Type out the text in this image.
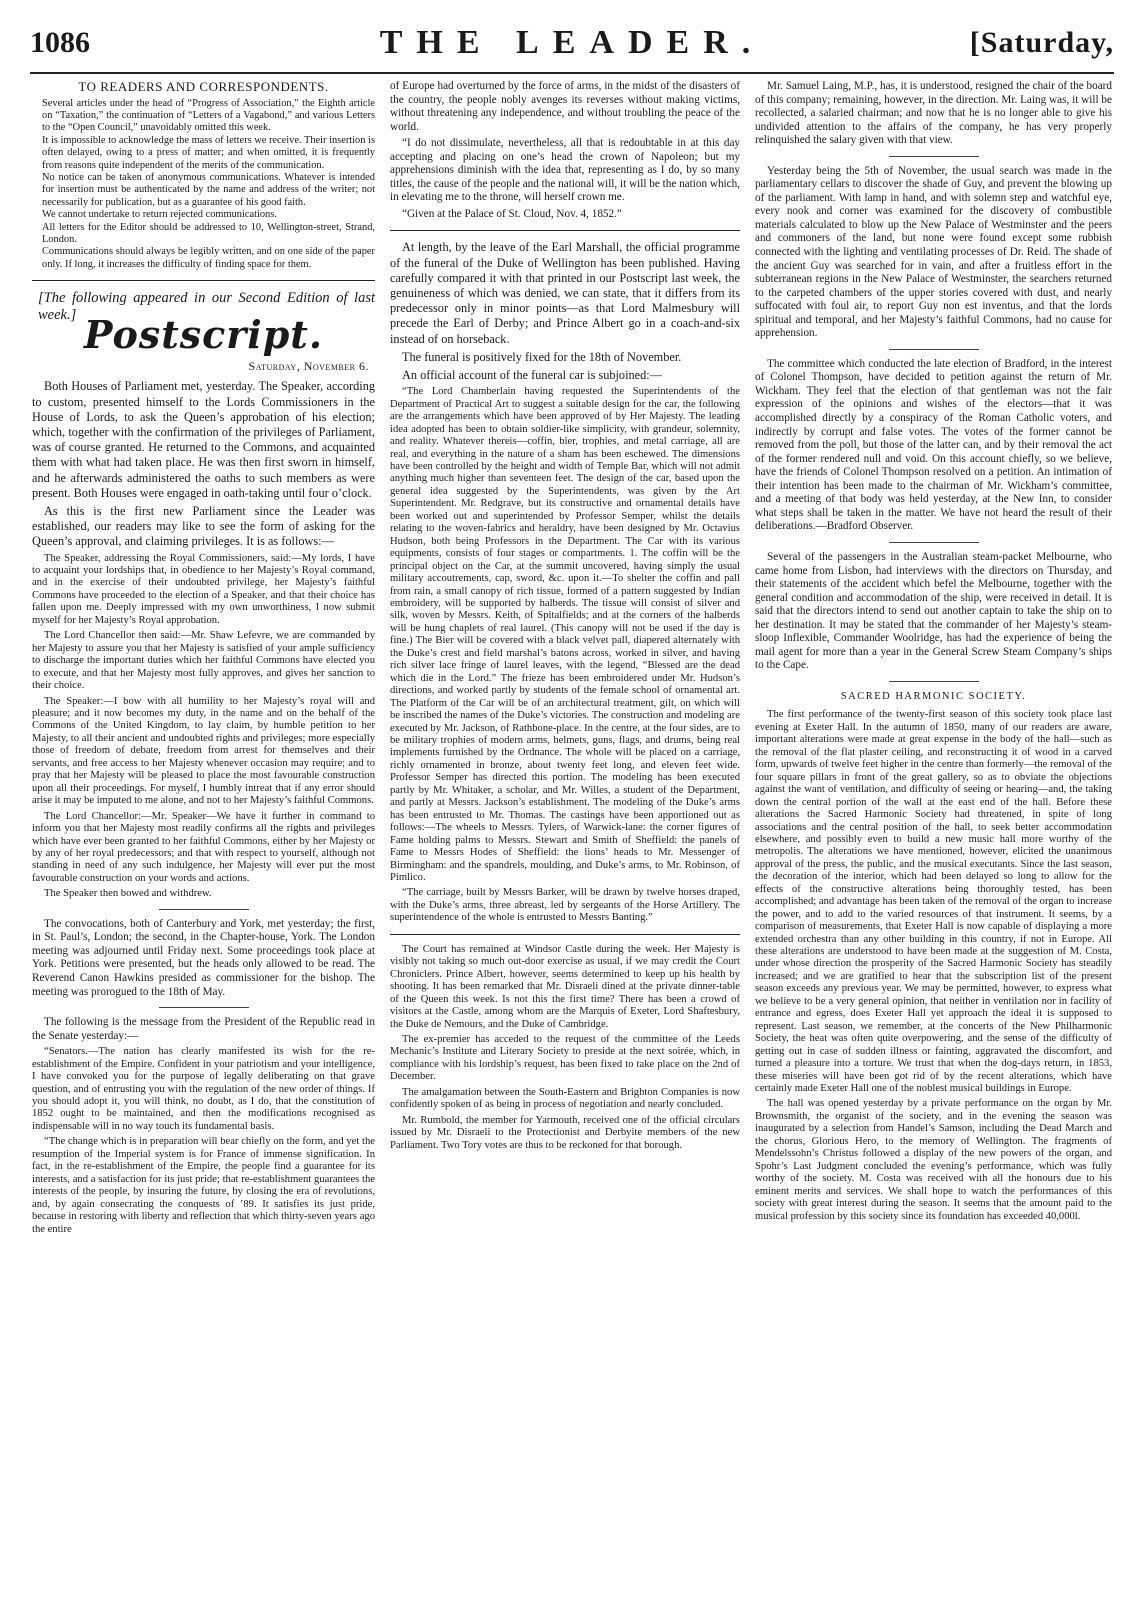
1086	THE LEADER.	[Saturday,
TO READERS AND CORRESPONDENTS.

Several articles under the head of “Progress of Association,” the Eighth article on “Taxation,” the continuation of “Letters of a Vagabond,” and various Letters to the “Open Council,” unavoidably omitted this week.

It is impossible to acknowledge the mass of letters we receive. Their insertion is often delayed, owing to a press of matter; and when omitted, it is frequently from reasons quite independent of the merits of the communication.

No notice can be taken of anonymous communications. Whatever is intended for insertion must be authenticated by the name and address of the writer; not necessarily for publication, but as a guarantee of his good faith.

We cannot undertake to return rejected communications.

All letters for the Editor should be addressed to 10, Wellington-street, Strand, London.

Communications should always be legibly written, and on one side of the paper only. If long, it increases the difficulty of finding space for them.

[The following appeared in our Second Edition of last week.] Postscript.
Saturday, November 6.

Both Houses of Parliament met, yesterday. The Speaker, according to custom, presented himself to the Lords Commissioners in the House of Lords, to ask the Queen’s approbation of his election; which, together with the confirmation of the privileges of Parliament, was of course granted. He returned to the Commons, and acquainted them with what had taken place. He was then first sworn in himself, and he afterwards administered the oaths to such members as were present. Both Houses were engaged in oath-taking until four o’clock.

As this is the first new Parliament since the Leader was established, our readers may like to see the form of asking for the Queen’s approval, and claiming privileges. It is as follows:—

The Speaker, addressing the Royal Commissioners, said:—My lords, I have to acquaint your lordships that, in obedience to her Majesty’s Royal command, and in the exercise of their undoubted privilege, her Majesty’s faithful Commons have proceeded to the election of a Speaker, and that their choice has fallen upon me. Deeply impressed with my own unworthiness, I now submit myself for her Majesty’s Royal approbation.

The Lord Chancellor then said:—Mr. Shaw Lefevre, we are commanded by her Majesty to assure you that her Majesty is satisfied of your ample sufficiency to discharge the important duties which her faithful Commons have elected you to execute, and that her Majesty most fully approves, and gives her sanction to their choice.

The Speaker:—I bow with all humility to her Majesty’s royal will and pleasure; and it now becomes my duty, in the name and on the behalf of the Commons of the United Kingdom, to lay claim, by humble petition to her Majesty, to all their ancient and undoubted rights and privileges; more especially those of freedom of debate, freedom from arrest for themselves and their servants, and free access to her Majesty whenever occasion may require; and to pray that her Majesty will be pleased to place the most favourable construction upon all their proceedings. For myself, I humbly intreat that if any error should arise it may be imputed to me alone, and not to her Majesty’s faithful Commons.

The Lord Chancellor:—Mr. Speaker—We have it further in command to inform you that her Majesty most readily confirms all the rights and privileges which have ever been granted to her faithful Commons, either by her Majesty or by any of her royal predecessors; and that with respect to yourself, although not standing in need of any such indulgence, her Majesty will ever put the most favourable construction on your words and actions.

The Speaker then bowed and withdrew.

The convocations, both of Canterbury and York, met yesterday; the first, in St. Paul’s, London; the second, in the Chapter-house, York. The London meeting was adjourned until Friday next. Some proceedings took place at York. Petitions were presented, but the heads only allowed to be read. The Reverend Canon Hawkins presided as commissioner for the bishop. The meeting was prorogued to the 18th of May.

The following is the message from the President of the Republic read in the Senate yesterday:—

“Senators.—The nation has clearly manifested its wish for the re-establishment of the Empire. Confident in your patriotism and your intelligence, I have convoked you for the purpose of legally deliberating on that grave question, and of entrusting you with the regulation of the new order of things. If you should adopt it, you will think, no doubt, as I do, that the constitution of 1852 ought to be maintained, and then the modifications recognised as indispensable will in no way touch its fundamental basis.

“The change which is in preparation will bear chiefly on the form, and yet the resumption of the Imperial system is for France of immense signification. In fact, in the re-establishment of the Empire, the people find a guarantee for its interests, and a satisfaction for its just pride; that re-establishment guarantees the interests of the people, by insuring the future, by closing the era of revolutions, and, by again consecrating the conquests of ’89. It satisfies its just pride, because in restoring with liberty and reflection that which thirty-seven years ago the entire

of Europe had overturned by the force of arms, in the midst of the disasters of the country, the people nobly avenges its reverses without making victims, without threatening any independence, and without troubling the peace of the world.

“I do not dissimulate, nevertheless, all that is redoubtable in at this day accepting and placing on one’s head the crown of Napoleon; but my apprehensions diminish with the idea that, representing as I do, by so many titles, the cause of the people and the national will, it will be the nation which, in elevating me to the throne, will herself crown me.

“Given at the Palace of St. Cloud, Nov. 4, 1852.”

At length, by the leave of the Earl Marshall, the official programme of the funeral of the Duke of Wellington has been published. Having carefully compared it with that printed in our Postscript last week, the genuineness of which was denied, we can state, that it differs from its predecessor only in minor points—as that Lord Malmesbury will precede the Earl of Derby; and Prince Albert go in a coach-and-six instead of on horseback.

The funeral is positively fixed for the 18th of November.

An official account of the funeral car is subjoined:—

“The Lord Chamberlain having requested the Superintendents of the Department of Practical Art to suggest a suitable design for the car, the following are the arrangements which have been approved of by Her Majesty. The leading idea adopted has been to obtain soldier-like simplicity, with grandeur, solemnity, and reality. Whatever thereis—coffin, bier, trophies, and metal carriage, all are real, and everything in the nature of a sham has been eschewed. The dimensions have been controlled by the height and width of Temple Bar, which will not admit anything much higher than seventeen feet. The design of the car, based upon the general idea suggested by the Superintendents, was given by the Art Superintendent. Mr. Redgrave, but its constructive and ornamental details have been worked out and superintended by Professor Semper, whilst the details relating to the woven-fabrics and heraldry, have been designed by Mr. Octavius Hudson, both being Professors in the Department. The Car with its various equipments, consists of four stages or compartments. 1. The coffin will be the principal object on the Car, at the summit uncovered, having simply the usual military accoutrements, cap, sword, &c. upon it.—To shelter the coffin and pall from rain, a small canopy of rich tissue, formed of a pattern suggested by Indian embroidery, will be supported by halberds. The tissue will consist of silver and silk, woven by Messrs. Keith, of Spitalfields; and at the corners of the halberds will be hung chaplets of real laurel. (This canopy will not be used if the day is fine.) The Bier will be covered with a black velvet pall, diapered alternately with the Duke’s crest and field marshal’s batons across, worked in silver, and having rich silver lace fringe of laurel leaves, with the legend, “Blessed are the dead which die in the Lord.” The frieze has been embroidered under Mr. Hudson’s directions, and worked partly by students of the female school of ornamental art. The Platform of the Car will be of an architectural treatment, gilt, on which will be inscribed the names of the Duke’s victories. The construction and modeling are executed by Mr. Jackson, of Rathbone-place. In the centre, at the four sides, are to be military trophies of modern arms, helmets, guns, flags, and drums, being real implements furnished by the Ordnance. The whole will be placed on a carriage, richly ornamented in bronze, about twenty feet long, and eleven feet wide. Professor Semper has directed this portion. The modeling has been executed partly by Mr. Whitaker, a scholar, and Mr. Willes, a student of the Department, and partly at Messrs. Jackson’s establishment. The modeling of the Duke’s arms has been entrusted to Mr. Thomas. The castings have been apportioned out as follows:—The wheels to Messrs. Tylers, of Warwick-lane: the corner figures of Fame holding palms to Messrs. Stewart and Smith of Sheffield: the panels of Fame to Messrs Hodes of Sheffield: the lions’ heads to Mr. Messenger of Birmingham: and the spandrels, moulding, and Duke’s arms, to Mr. Robinson, of Pimlico.

“The carriage, built by Messrs Barker, will be drawn by twelve horses draped, with the Duke’s arms, three abreast, led by sergeants of the Horse Artillery. The superintendence of the whole is entrusted to Messrs Banting.”

The Court has remained at Windsor Castle during the week. Her Majesty is visibly not taking so much out-door exercise as usual, if we may credit the Court Chroniclers. Prince Albert, however, seems determined to keep up his health by shooting. It has been remarked that Mr. Disraeli dined at the private dinner-table of the Queen this week. Is not this the first time? There has been a crowd of visitors at the Castle, among whom are the Marquis of Exeter, Lord Shaftesbury, the Duke de Nemours, and the Duke of Cambridge.

The ex-premier has acceded to the request of the committee of the Leeds Mechanic’s Institute and Literary Society to preside at the next soirée, which, in compliance with his lordship’s request, has been fixed to take place on the 2nd of December.

The amalgamation between the South-Eastern and Brighton Companies is now confidently spoken of as being in process of negotiation and nearly concluded.

Mr. Rumbold, the member for Yarmouth, received one of the official circulars issued by Mr. Disraeli to the Protectionist and Derbyite members of the new Parliament. Two Tory votes are thus to be reckoned for that borough.

Mr. Samuel Laing, M.P., has, it is understood, resigned the chair of the board of this company; remaining, however, in the direction. Mr. Laing was, it will be recollected, a salaried chairman; and now that he is no longer able to give his undivided attention to the affairs of the company, he has very properly relinquished the salary given with that view.

Yesterday being the 5th of November, the usual search was made in the parliamentary cellars to discover the shade of Guy, and prevent the blowing up of the parliament. With lamp in hand, and with solemn step and watchful eye, every nook and corner was examined for the discovery of combustible materials calculated to blow up the New Palace of Westminster and the peers and commoners of the land, but none were found except some rubbish connected with the lighting and ventilating processes of Dr. Reid. The shade of the ancient Guy was searched for in vain, and after a fruitless effort in the subterranean regions in the New Palace of Westminster, the searchers returned to the carpeted chambers of the upper stories covered with dust, and nearly suffocated with foul air, to report Guy non est inventus, and that the lords spiritual and temporal, and her Majesty’s faithful Commons, had no cause for apprehension.

The committee which conducted the late election of Bradford, in the interest of Colonel Thompson, have decided to petition against the return of Mr. Wickham. They feel that the election of that gentleman was not the fair expression of the opinions and wishes of the electors—that it was accomplished directly by a conspiracy of the Roman Catholic voters, and indirectly by corrupt and false votes. The votes of the former cannot be removed from the poll, but those of the latter can, and by their removal the act of the former rendered null and void. On this account chiefly, so we believe, have the friends of Colonel Thompson resolved on a petition. An intimation of their intention has been made to the chairman of Mr. Wickham’s committee, and a meeting of that body was held yesterday, at the New Inn, to consider what steps shall be taken in the matter. We have not heard the result of their deliberations.—Bradford Observer.

Several of the passengers in the Australian steam-packet Melbourne, who came home from Lisbon, had interviews with the directors on Thursday, and their statements of the accident which befel the Melbourne, together with the general condition and accommodation of the ship, were received in detail. It is said that the directors intend to send out another captain to take the ship on to her destination. It may be stated that the commander of her Majesty’s steam-sloop Inflexible, Commander Woolridge, has had the experience of being the mail agent for more than a year in the General Screw Steam Company’s ships to the Cape.

SACRED HARMONIC SOCIETY.

The first performance of the twenty-first season of this society took place last evening at Exeter Hall. In the autumn of 1850, many of our readers are aware, important alterations were made at great expense in the body of the hall—such as the removal of the flat plaster ceiling, and reconstructing it of wood in a carved form, upwards of twelve feet higher in the centre than formerly—the removal of the four square pillars in front of the great gallery, so as to obviate the objections against the want of ventilation, and difficulty of seeing or hearing—and, the taking down the central portion of the wall at the east end of the hall. Before these alterations the Sacred Harmonic Society had threatened, in spite of long associations and the central position of the hall, to seek better accommodation elsewhere, and possibly even to build a new music hall more worthy of the metropolis. The alterations we have mentioned, however, elicited the unanimous approval of the press, the public, and the musical executants. Since the last season, the decoration of the interior, which had been delayed so long to allow for the effects of the constructive alterations being thoroughly tested, has been accomplished; and advantage has been taken of the removal of the organ to increase the power, and to add to the varied resources of that instrument. It seems, by a comparison of measurements, that Exeter Hall is now capable of displaying a more extended orchestra than any other building in this country, if not in Europe. All these alterations are understood to have been made at the suggestion of M. Costa, under whose direction the prosperity of the Sacred Harmonic Society has steadily increased; and we are gratified to hear that the subscription list of the present season exceeds any previous year. We may be permitted, however, to express what we believe to be a very general opinion, that neither in ventilation nor in facility of entrance and egress, does Exeter Hall yet approach the ideal it is supposed to represent. Last season, we remember, at the concerts of the New Philharmonic Society, the heat was often quite overpowering, and the sense of the difficulty of getting out in case of sudden illness or fainting, aggravated the discomfort, and turned a pleasure into a torture. We trust that when the dog-days return, in 1853, these miseries will have been got rid of by the recent alterations, which have certainly made Exeter Hall one of the noblest musical buildings in Europe.

The hall was opened yesterday by a private performance on the organ by Mr. Brownsmith, the organist of the society, and in the evening the season was inaugurated by a selection from Handel’s Samson, including the Dead March and the chorus, Glorious Hero, to the memory of Wellington. The fragments of Mendelssohn’s Christus followed a display of the new powers of the organ, and Spohr’s Last Judgment concluded the evening’s performance, which was fully worthy of the society. M. Costa was received with all the honours due to his eminent merits and services. We shall hope to watch the performances of this society with great interest during the season. It seems that the amount paid to the musical profession by this society since its foundation has exceeded 40,000l.
